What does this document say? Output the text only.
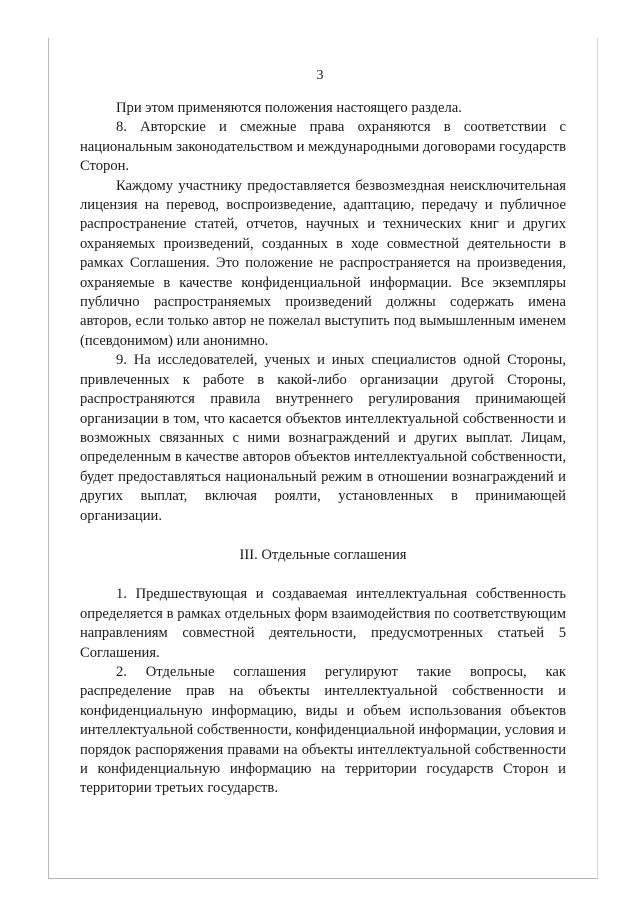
3

При этом применяются положения настоящего раздела.

8. Авторские и смежные права охраняются в соответствии с национальным законодательством и международными договорами государств Сторон.

Каждому участнику предоставляется безвозмездная неисключительная лицензия на перевод, воспроизведение, адаптацию, передачу и публичное распространение статей, отчетов, научных и технических книг и других охраняемых произведений, созданных в ходе совместной деятельности в рамках Соглашения. Это положение не распространяется на произведения, охраняемые в качестве конфиденциальной информации. Все экземпляры публично распространяемых произведений должны содержать имена авторов, если только автор не пожелал выступить под вымышленным именем (псевдонимом) или анонимно.

9. На исследователей, ученых и иных специалистов одной Стороны, привлеченных к работе в какой-либо организации другой Стороны, распространяются правила внутреннего регулирования принимающей организации в том, что касается объектов интеллектуальной собственности и возможных связанных с ними вознаграждений и других выплат. Лицам, определенным в качестве авторов объектов интеллектуальной собственности, будет предоставляться национальный режим в отношении вознаграждений и других выплат, включая роялти, установленных в принимающей организации.

III. Отдельные соглашения

1. Предшествующая и создаваемая интеллектуальная собственность определяется в рамках отдельных форм взаимодействия по соответствующим направлениям совместной деятельности, предусмотренных статьей 5 Соглашения.

2. Отдельные соглашения регулируют такие вопросы, как распределение прав на объекты интеллектуальной собственности и конфиденциальную информацию, виды и объем использования объектов интеллектуальной собственности, конфиденциальной информации, условия и порядок распоряжения правами на объекты интеллектуальной собственности и конфиденциальную информацию на территории государств Сторон и территории третьих государств.
